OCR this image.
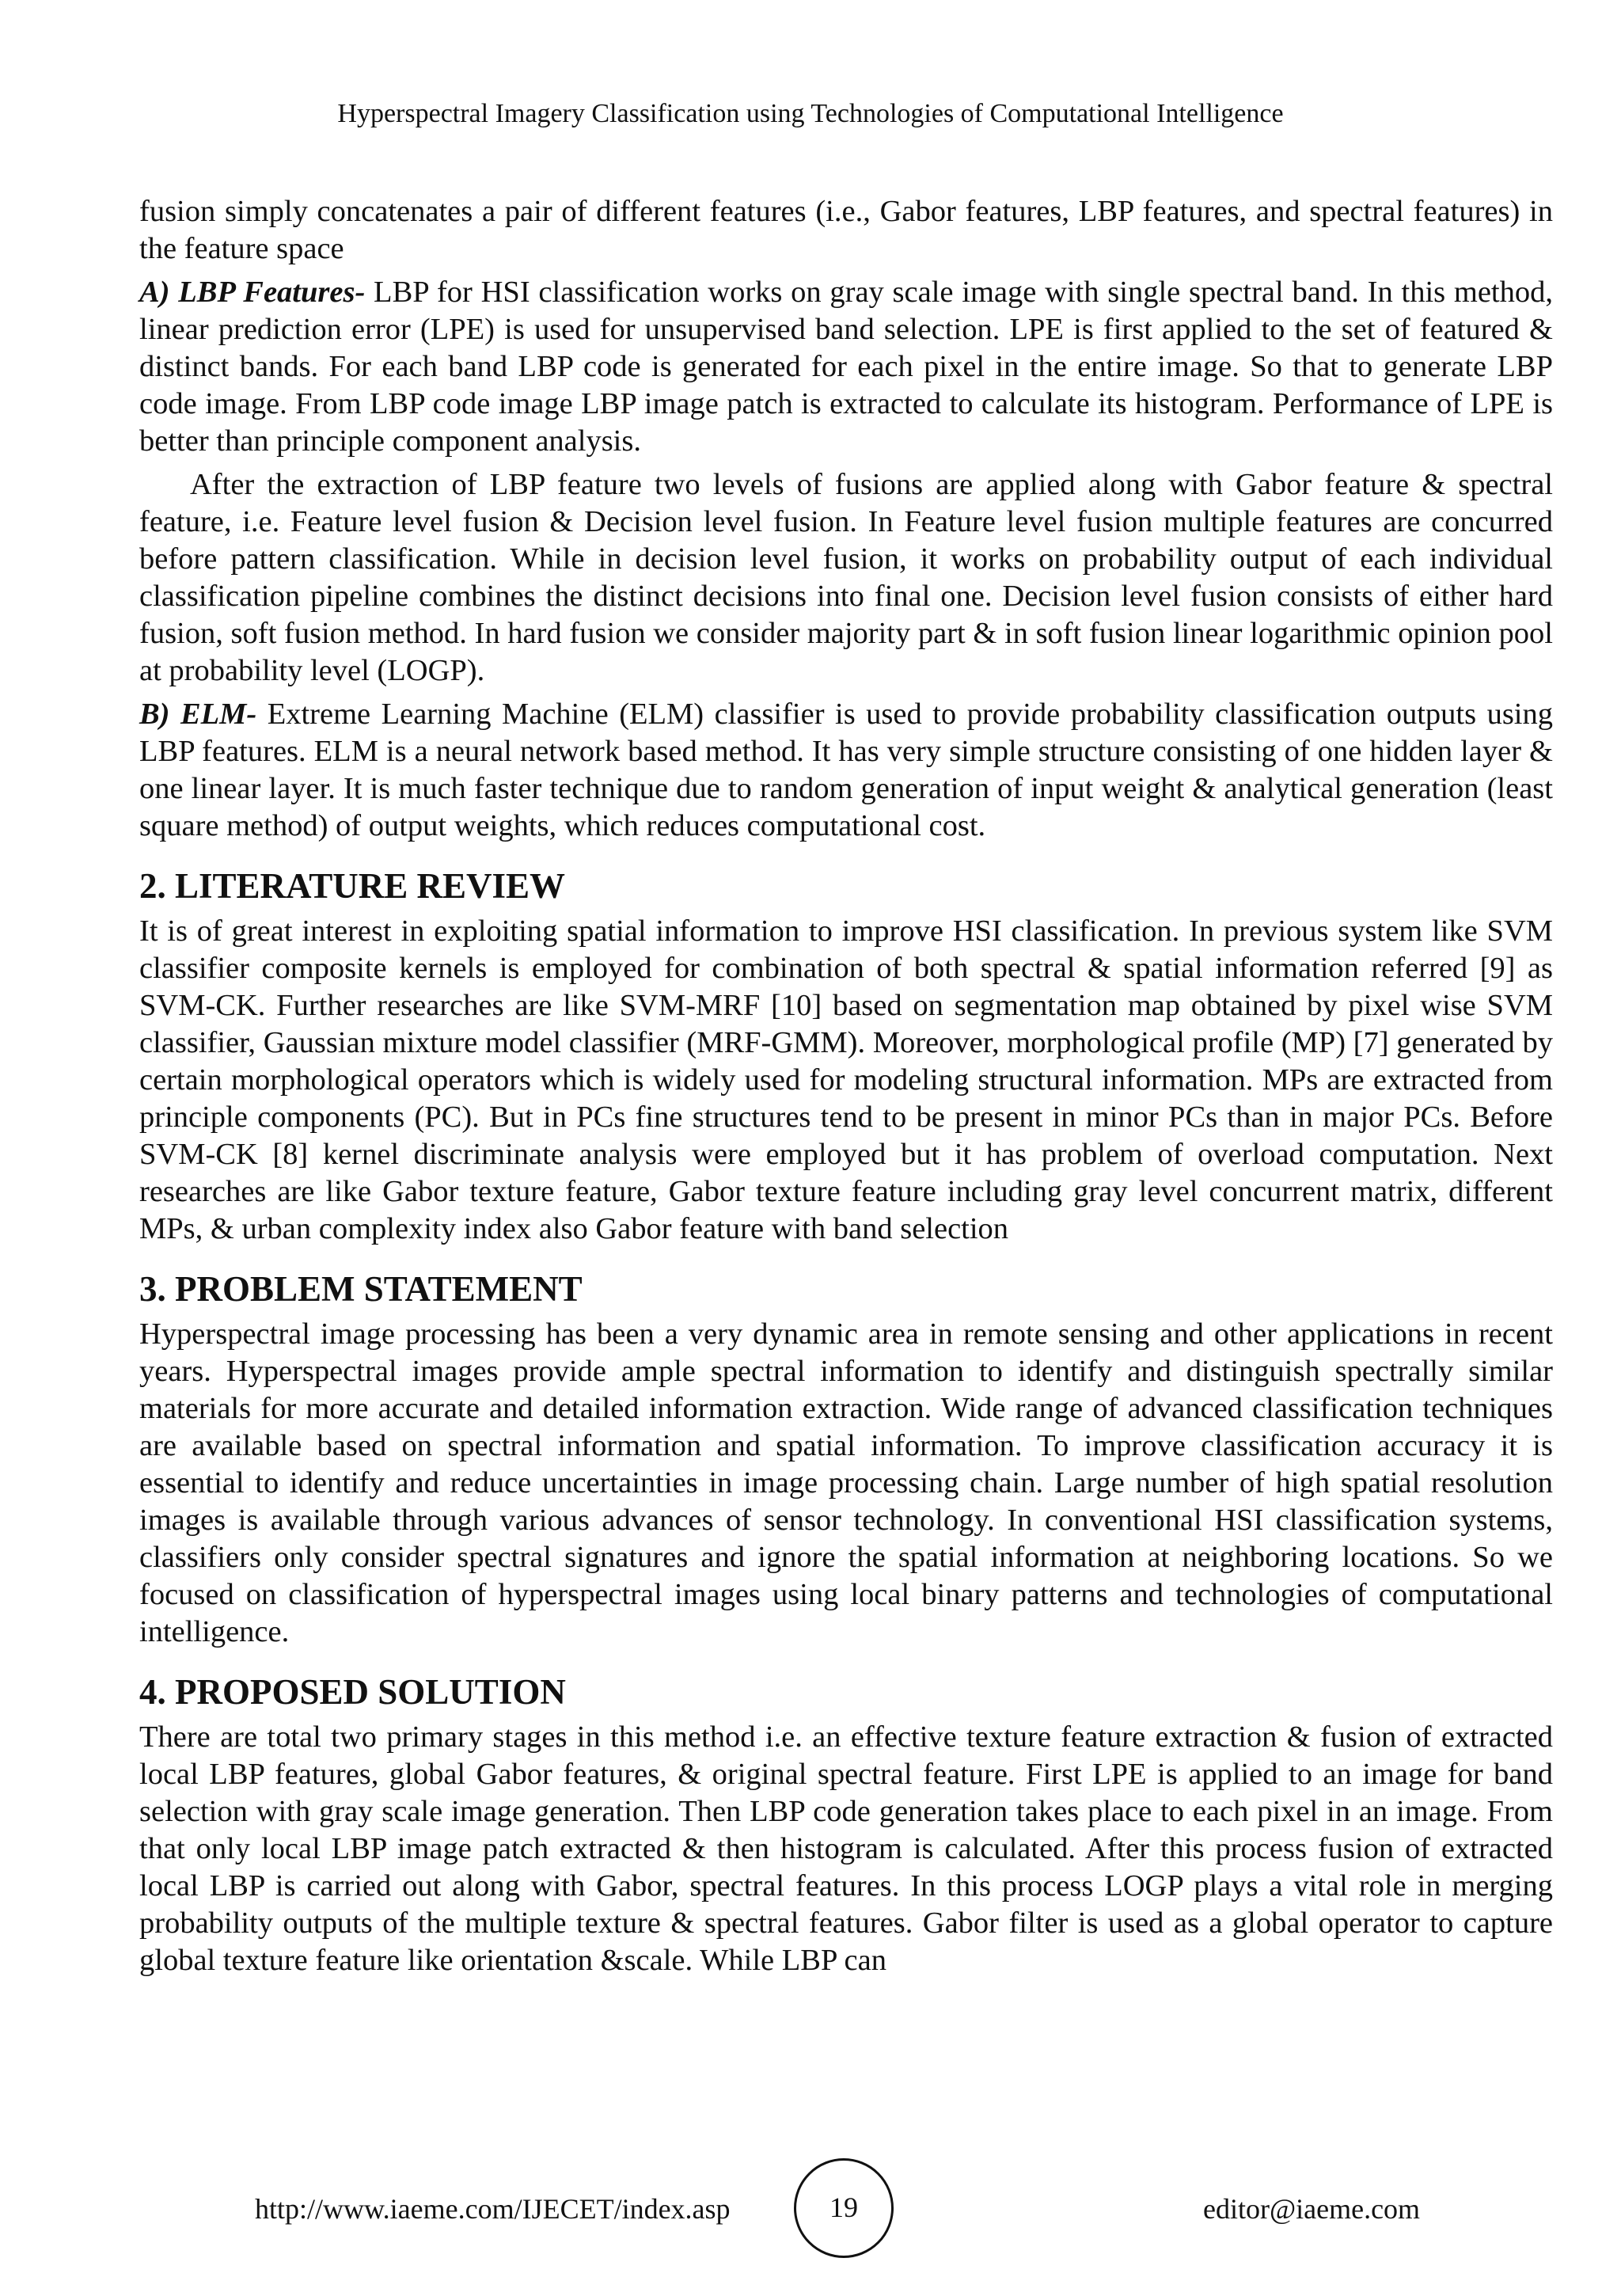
Hyperspectral Imagery Classification using Technologies of Computational Intelligence

fusion simply concatenates a pair of different features (i.e., Gabor features, LBP features, and spectral features) in the feature space

A) LBP Features- LBP for HSI classification works on gray scale image with single spectral band. In this method, linear prediction error (LPE) is used for unsupervised band selection. LPE is first applied to the set of featured & distinct bands. For each band LBP code is generated for each pixel in the entire image. So that to generate LBP code image. From LBP code image LBP image patch is extracted to calculate its histogram. Performance of LPE is better than principle component analysis.

After the extraction of LBP feature two levels of fusions are applied along with Gabor feature & spectral feature, i.e. Feature level fusion & Decision level fusion. In Feature level fusion multiple features are concurred before pattern classification. While in decision level fusion, it works on probability output of each individual classification pipeline combines the distinct decisions into final one. Decision level fusion consists of either hard fusion, soft fusion method. In hard fusion we consider majority part & in soft fusion linear logarithmic opinion pool at probability level (LOGP).

B) ELM- Extreme Learning Machine (ELM) classifier is used to provide probability classification outputs using LBP features. ELM is a neural network based method. It has very simple structure consisting of one hidden layer & one linear layer. It is much faster technique due to random generation of input weight & analytical generation (least square method) of output weights, which reduces computational cost.

2. LITERATURE REVIEW

It is of great interest in exploiting spatial information to improve HSI classification. In previous system like SVM classifier composite kernels is employed for combination of both spectral & spatial information referred [9] as SVM-CK. Further researches are like SVM-MRF [10] based on segmentation map obtained by pixel wise SVM classifier, Gaussian mixture model classifier (MRF-GMM). Moreover, morphological profile (MP) [7] generated by certain morphological operators which is widely used for modeling structural information. MPs are extracted from principle components (PC). But in PCs fine structures tend to be present in minor PCs than in major PCs. Before SVM-CK [8] kernel discriminate analysis were employed but it has problem of overload computation. Next researches are like Gabor texture feature, Gabor texture feature including gray level concurrent matrix, different MPs, & urban complexity index also Gabor feature with band selection

3. PROBLEM STATEMENT

Hyperspectral image processing has been a very dynamic area in remote sensing and other applications in recent years. Hyperspectral images provide ample spectral information to identify and distinguish spectrally similar materials for more accurate and detailed information extraction. Wide range of advanced classification techniques are available based on spectral information and spatial information. To improve classification accuracy it is essential to identify and reduce uncertainties in image processing chain. Large number of high spatial resolution images is available through various advances of sensor technology. In conventional HSI classification systems, classifiers only consider spectral signatures and ignore the spatial information at neighboring locations. So we focused on classification of hyperspectral images using local binary patterns and technologies of computational intelligence.

4. PROPOSED SOLUTION

There are total two primary stages in this method i.e. an effective texture feature extraction & fusion of extracted local LBP features, global Gabor features, & original spectral feature. First LPE is applied to an image for band selection with gray scale image generation. Then LBP code generation takes place to each pixel in an image. From that only local LBP image patch extracted & then histogram is calculated. After this process fusion of extracted local LBP is carried out along with Gabor, spectral features. In this process LOGP plays a vital role in merging probability outputs of the multiple texture & spectral features. Gabor filter is used as a global operator to capture global texture feature like orientation &scale. While LBP can

http://www.iaeme.com/IJECET/index.asp	19	editor@iaeme.com
